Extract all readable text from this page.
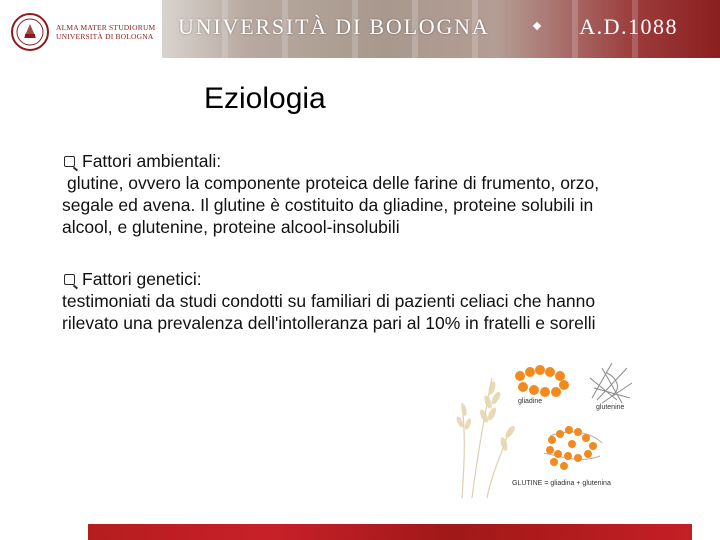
ALMA MATER STUDIORUM
UNIVERSITÀ DI BOLOGNA UNIVERSITÀ DI BOLOGNA	A.D.1088
Eziologia
Fattori ambientali:
glutine, ovvero la componente proteica delle farine di frumento, orzo,
segale ed avena. Il glutine è costituito da gliadine, proteine solubili in
alcool, e glutenine, proteine alcool-insolubili
Fattori genetici:
testimoniati da studi condotti su familiari di pazienti celiaci che hanno
rilevato una prevalenza dell'intolleranza pari al 10% in fratelli e sorelli
gliadine
glutenine
GLUTINE = gliadina + glutenina
